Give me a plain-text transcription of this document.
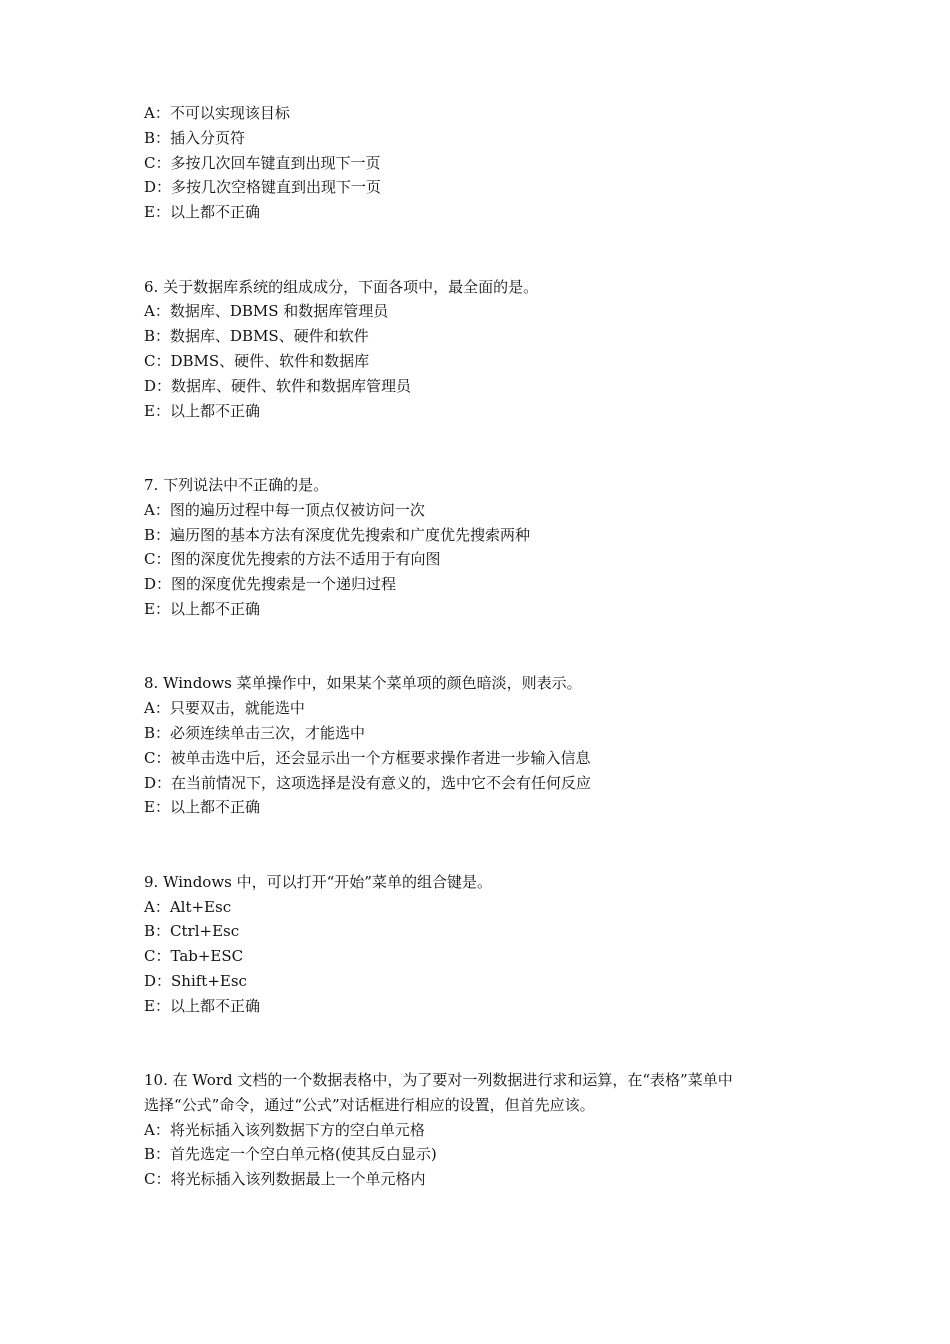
A：不可以实现该目标
B：插入分页符
C：多按几次回车键直到出现下一页
D：多按几次空格键直到出现下一页
E：以上都不正确
6. 关于数据库系统的组成成分，下面各项中，最全面的是。
A：数据库、DBMS 和数据库管理员
B：数据库、DBMS、硬件和软件
C：DBMS、硬件、软件和数据库
D：数据库、硬件、软件和数据库管理员
E：以上都不正确
7. 下列说法中不正确的是。
A：图的遍历过程中每一顶点仅被访问一次
B：遍历图的基本方法有深度优先搜索和广度优先搜索两种
C：图的深度优先搜索的方法不适用于有向图
D：图的深度优先搜索是一个递归过程
E：以上都不正确
8. Windows 菜单操作中，如果某个菜单项的颜色暗淡，则表示。
A：只要双击，就能选中
B：必须连续单击三次，才能选中
C：被单击选中后，还会显示出一个方框要求操作者进一步输入信息
D：在当前情况下，这项选择是没有意义的，选中它不会有任何反应
E：以上都不正确
9. Windows 中，可以打开“开始”菜单的组合键是。
A：Alt+Esc
B：Ctrl+Esc
C：Tab+ESC
D：Shift+Esc
E：以上都不正确
10. 在 Word 文档的一个数据表格中，为了要对一列数据进行求和运算，在“表格”菜单中
选择“公式”命令，通过“公式”对话框进行相应的设置，但首先应该。
A：将光标插入该列数据下方的空白单元格
B：首先选定一个空白单元格(使其反白显示)
C：将光标插入该列数据最上一个单元格内
